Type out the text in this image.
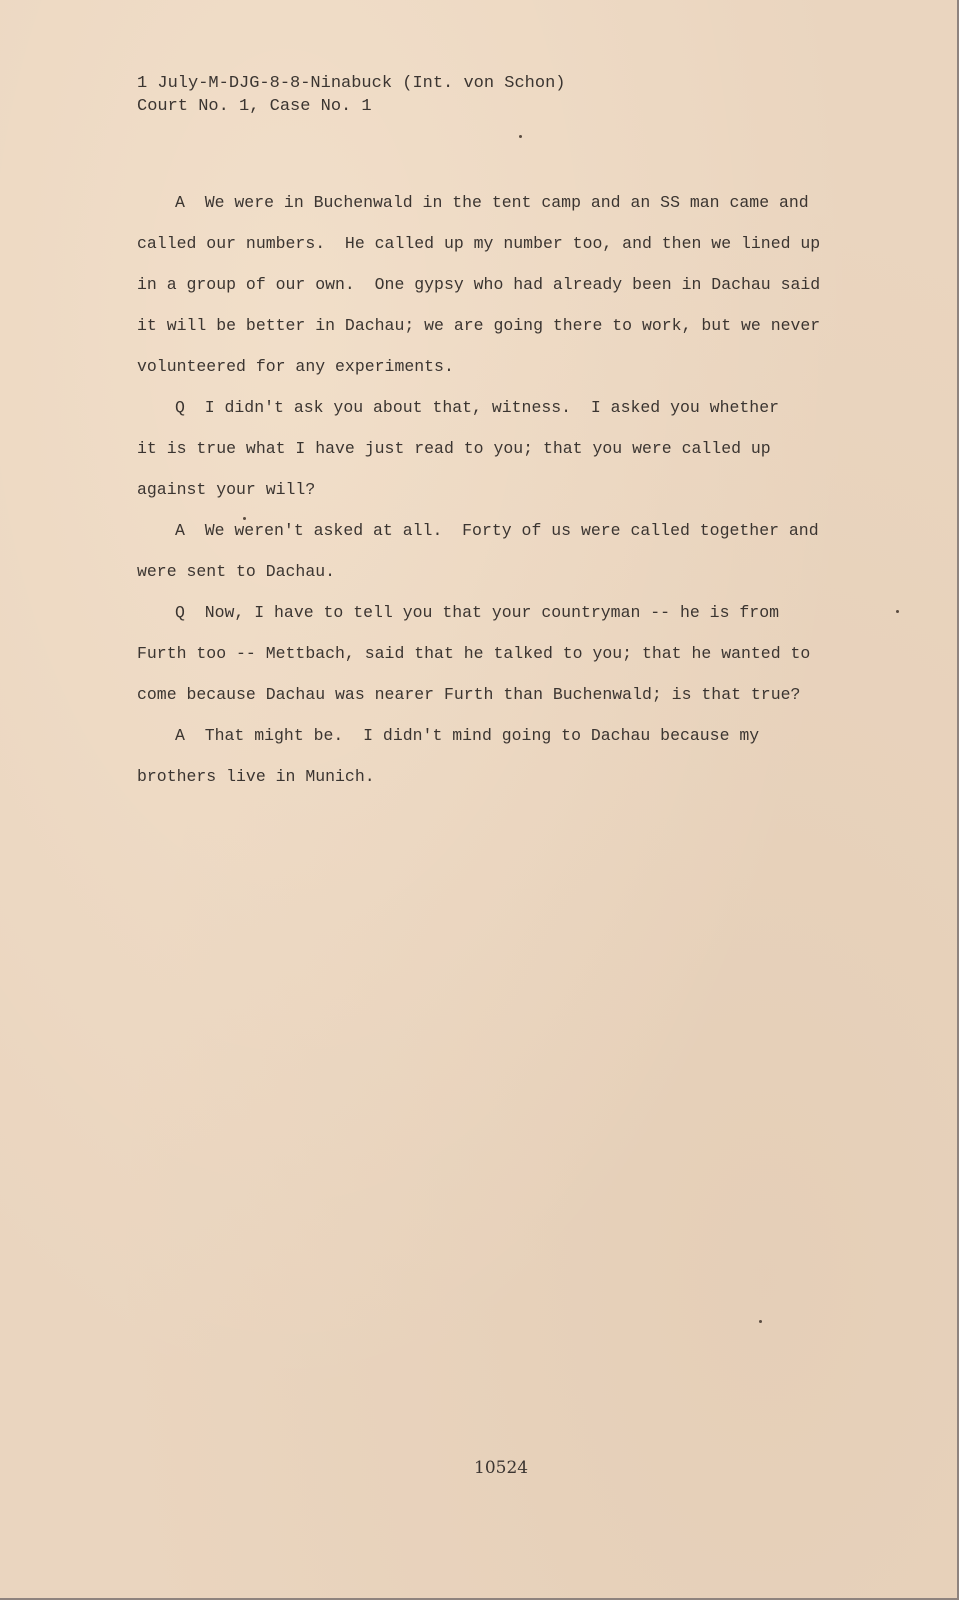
1 July-M-DJG-8-8-Ninabuck (Int. von Schon)
Court No. 1, Case No. 1
A  We were in Buchenwald in the tent camp and an SS man came and
called our numbers.  He called up my number too, and then we lined up
in a group of our own.  One gypsy who had already been in Dachau said
it will be better in Dachau; we are going there to work, but we never
volunteered for any experiments.
Q  I didn't ask you about that, witness.  I asked you whether
it is true what I have just read to you; that you were called up
against your will?
A  We weren't asked at all.  Forty of us were called together and
were sent to Dachau.
Q  Now, I have to tell you that your countryman -- he is from
Furth too -- Mettbach, said that he talked to you; that he wanted to
come because Dachau was nearer Furth than Buchenwald; is that true?
A  That might be.  I didn't mind going to Dachau because my
brothers live in Munich.
10524
